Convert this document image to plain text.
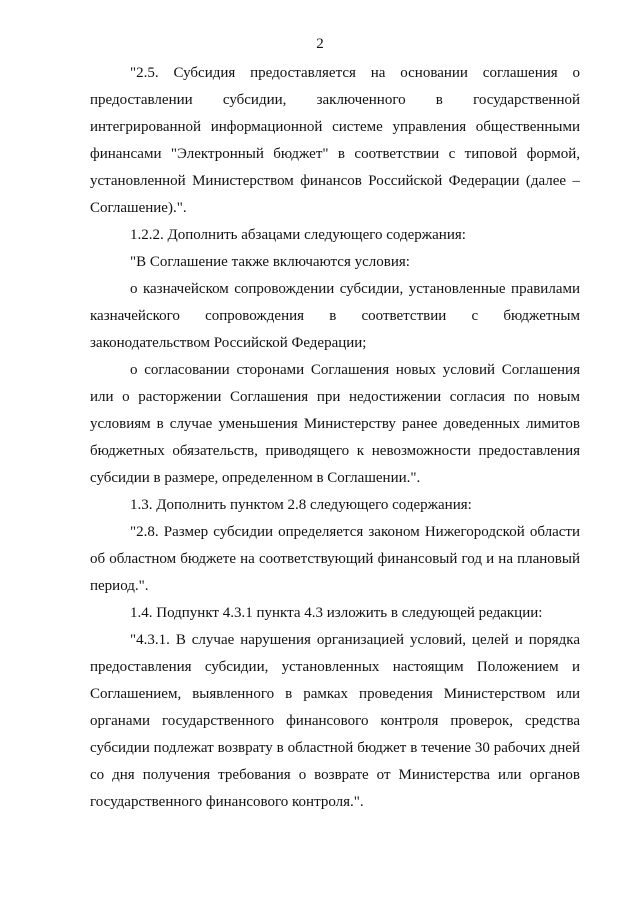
2

"2.5. Субсидия предоставляется на основании соглашения о предоставлении субсидии, заключенного в государственной интегрированной информационной системе управления общественными финансами "Электронный бюджет" в соответствии с типовой формой, установленной Министерством финансов Российской Федерации (далее – Соглашение).".

1.2.2. Дополнить абзацами следующего содержания:

"В Соглашение также включаются условия:

о казначейском сопровождении субсидии, установленные правилами казначейского сопровождения в соответствии с бюджетным законодательством Российской Федерации;

о согласовании сторонами Соглашения новых условий Соглашения или о расторжении Соглашения при недостижении согласия по новым условиям в случае уменьшения Министерству ранее доведенных лимитов бюджетных обязательств, приводящего к невозможности предоставления субсидии в размере, определенном в Соглашении.".

1.3. Дополнить пунктом 2.8 следующего содержания:

"2.8. Размер субсидии определяется законом Нижегородской области об областном бюджете на соответствующий финансовый год и на плановый период.".

1.4. Подпункт 4.3.1 пункта 4.3 изложить в следующей редакции:

"4.3.1. В случае нарушения организацией условий, целей и порядка предоставления субсидии, установленных настоящим Положением и Соглашением, выявленного в рамках проведения Министерством или органами государственного финансового контроля проверок, средства субсидии подлежат возврату в областной бюджет в течение 30 рабочих дней со дня получения требования о возврате от Министерства или органов государственного финансового контроля.".
